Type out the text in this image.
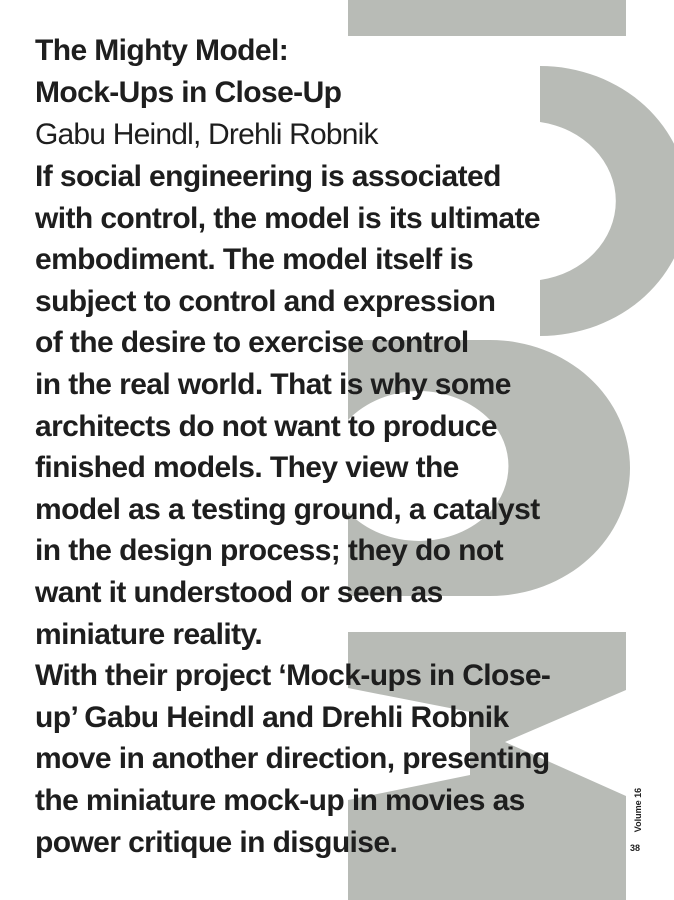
The Mighty Model:
Mock-Ups in Close-Up

Gabu Heindl, Drehli Robnik

If social engineering is associated
with control, the model is its ultimate
embodiment. The model itself is
subject to control and expression
of the desire to exercise control
in the real world. That is why some
architects do not want to produce
finished models. They view the
model as a testing ground, a catalyst
in the design process; they do not
want it understood or seen as
miniature reality.

With their project ‘Mock-ups in Close-
up’ Gabu Heindl and Drehli Robnik
move in another direction, presenting
the miniature mock-up in movies as
power critique in disguise.

Volume 16
38
